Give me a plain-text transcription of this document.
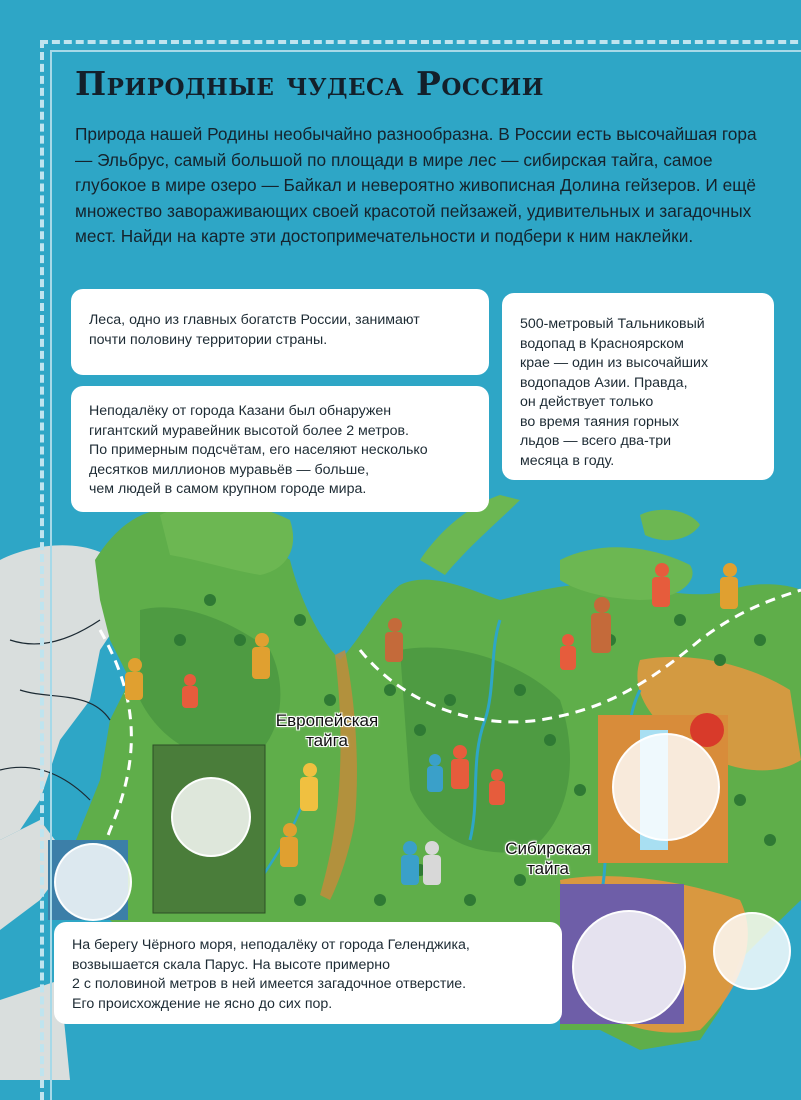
Природные чудеса России

Природа нашей Родины необычайно разнообразна. В России есть высочайшая гора — Эльбрус, самый большой по площади в мире лес — сибирская тайга, самое глубокое в мире озеро — Байкал и невероятно живописная Долина гейзеров. И ещё множество завораживающих своей красотой пейзажей, удивительных и загадочных мест. Найди на карте эти достопримечательности и подбери к ним наклейки.

Леса, одно из главных богатств России, занимают
почти половину территории страны.
Неподалёку от города Казани был обнаружен
гигантский муравейник высотой более 2 метров.
По примерным подсчётам, его населяют несколько
десятков миллионов муравьёв — больше,
чем людей в самом крупном городе мира.
500-метровый Тальниковый
водопад в Красноярском
крае — один из высочайших
водопадов Азии. Правда,
он действует только
во время таяния горных
льдов — всего два-три
месяца в году.
На берегу Чёрного моря, неподалёку от города Геленджика,
возвышается скала Парус. На высоте примерно
2 с половиной метров в ней имеется загадочное отверстие.
Его происхождение не ясно до сих пор.
Европейская
тайга
Сибирская
тайга
